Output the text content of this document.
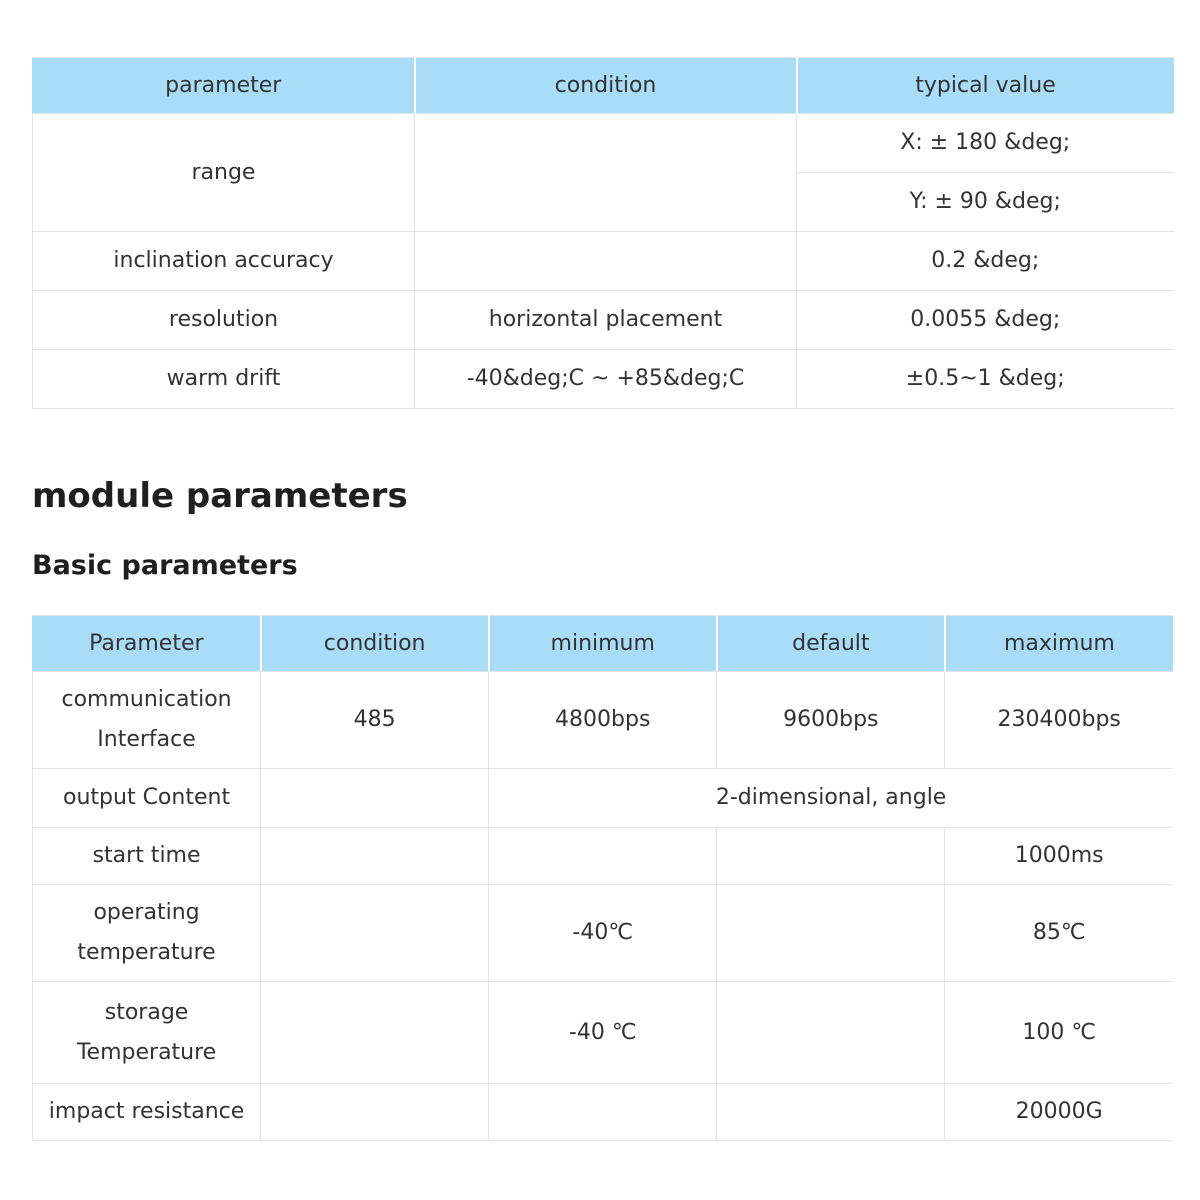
parameter	condition	typical value
range		X: ± 180 &deg;
		Y: ± 90 &deg;
inclination accuracy		0.2 &deg;
resolution	horizontal placement	0.0055 &deg;
warm drift	-40&deg;C ~ +85&deg;C	±0.5~1 &deg;
module parameters
Basic parameters
Parameter	condition	minimum	default	maximum

communication
Interface	485	4800bps	9600bps	230400bps
output Content		2-dimensional, angle		
start time				1000ms

operating
temperature		-40℃		85℃

storage
Temperature		-40 ℃		100 ℃
impact resistance				20000G
